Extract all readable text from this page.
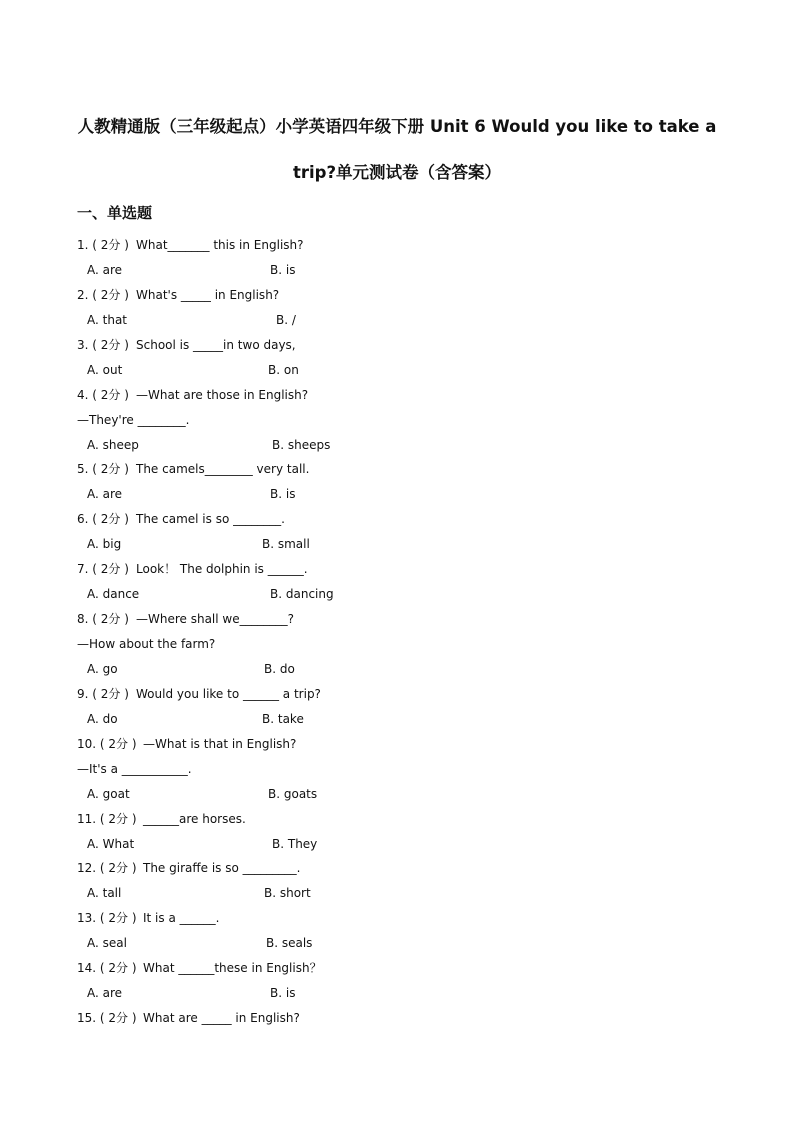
人教精通版（三年级起点）小学英语四年级下册 Unit 6 Would you like to take a
trip?单元测试卷（含答案）
一、单选题
1. ( 2分 ) What_______ this in English?
A. are	B. is
2. ( 2分 ) What's _____ in English?
A. that	B. /
3. ( 2分 ) School is _____in two days,
A. out	B. on
4. ( 2分 ) —What are those in English?
—They're ________.
A. sheep	B. sheeps
5. ( 2分 ) The camels________ very tall.
A. are	B. is
6. ( 2分 ) The camel is so ________.
A. big	B. small
7. ( 2分 ) Look！ The dolphin is ______.
A. dance	B. dancing
8. ( 2分 ) —Where shall we________?
—How about the farm?
A. go	B. do
9. ( 2分 ) Would you like to ______ a trip?
A. do	B. take
10. ( 2分 ) —What is that in English?
—It's a ___________.
A. goat	B. goats
11. ( 2分 ) ______are horses.
A. What	B. They
12. ( 2分 ) The giraffe is so _________.
A. tall	B. short
13. ( 2分 ) It is a ______.
A. seal	B. seals
14. ( 2分 ) What ______these in English？
A. are	B. is
15. ( 2分 ) What are _____ in English?
